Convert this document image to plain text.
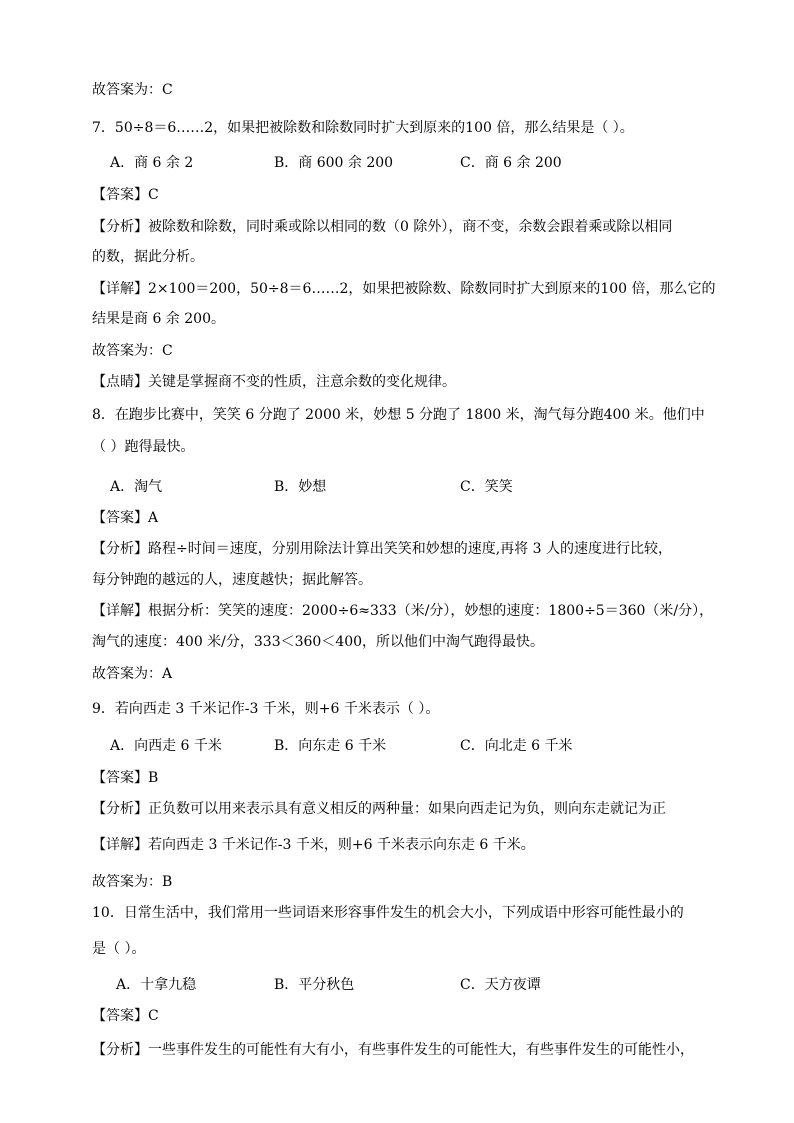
故答案为：C
7．50÷8＝6……2，如果把被除数和除数同时扩大到原来的100 倍，那么结果是（ ）。
A．商 6 余 2	B．商 600 余 200	C．商 6 余 200
【答案】C
【分析】被除数和除数，同时乘或除以相同的数（0 除外），商不变，余数会跟着乘或除以相同
的数，据此分析。
【详解】2×100＝200，50÷8＝6……2，如果把被除数、除数同时扩大到原来的100 倍，那么它的
结果是商 6 余 200。
故答案为：C
【点睛】关键是掌握商不变的性质，注意余数的变化规律。
8．在跑步比赛中，笑笑 6 分跑了 2000 米，妙想 5 分跑了 1800 米，淘气每分跑400 米。他们中
（ ）跑得最快。
A．淘气	B．妙想	C．笑笑
【答案】A
【分析】路程÷时间＝速度，分别用除法计算出笑笑和妙想的速度,再将 3 人的速度进行比较，
每分钟跑的越远的人，速度越快；据此解答。
【详解】根据分析：笑笑的速度：2000÷6≈333（米/分），妙想的速度：1800÷5＝360（米/分），
淘气的速度：400 米/分，333＜360＜400，所以他们中淘气跑得最快。
故答案为：A
9．若向西走 3 千米记作-3 千米，则+6 千米表示（ ）。
A．向西走 6 千米	B．向东走 6 千米	C．向北走 6 千米
【答案】B
【分析】正负数可以用来表示具有意义相反的两种量：如果向西走记为负，则向东走就记为正
【详解】若向西走 3 千米记作-3 千米，则+6 千米表示向东走 6 千米。
故答案为：B
10．日常生活中，我们常用一些词语来形容事件发生的机会大小，下列成语中形容可能性最小的
是（ ）。
A．十拿九稳	B．平分秋色	C．天方夜谭
【答案】C
【分析】一些事件发生的可能性有大有小，有些事件发生的可能性大，有些事件发生的可能性小，
